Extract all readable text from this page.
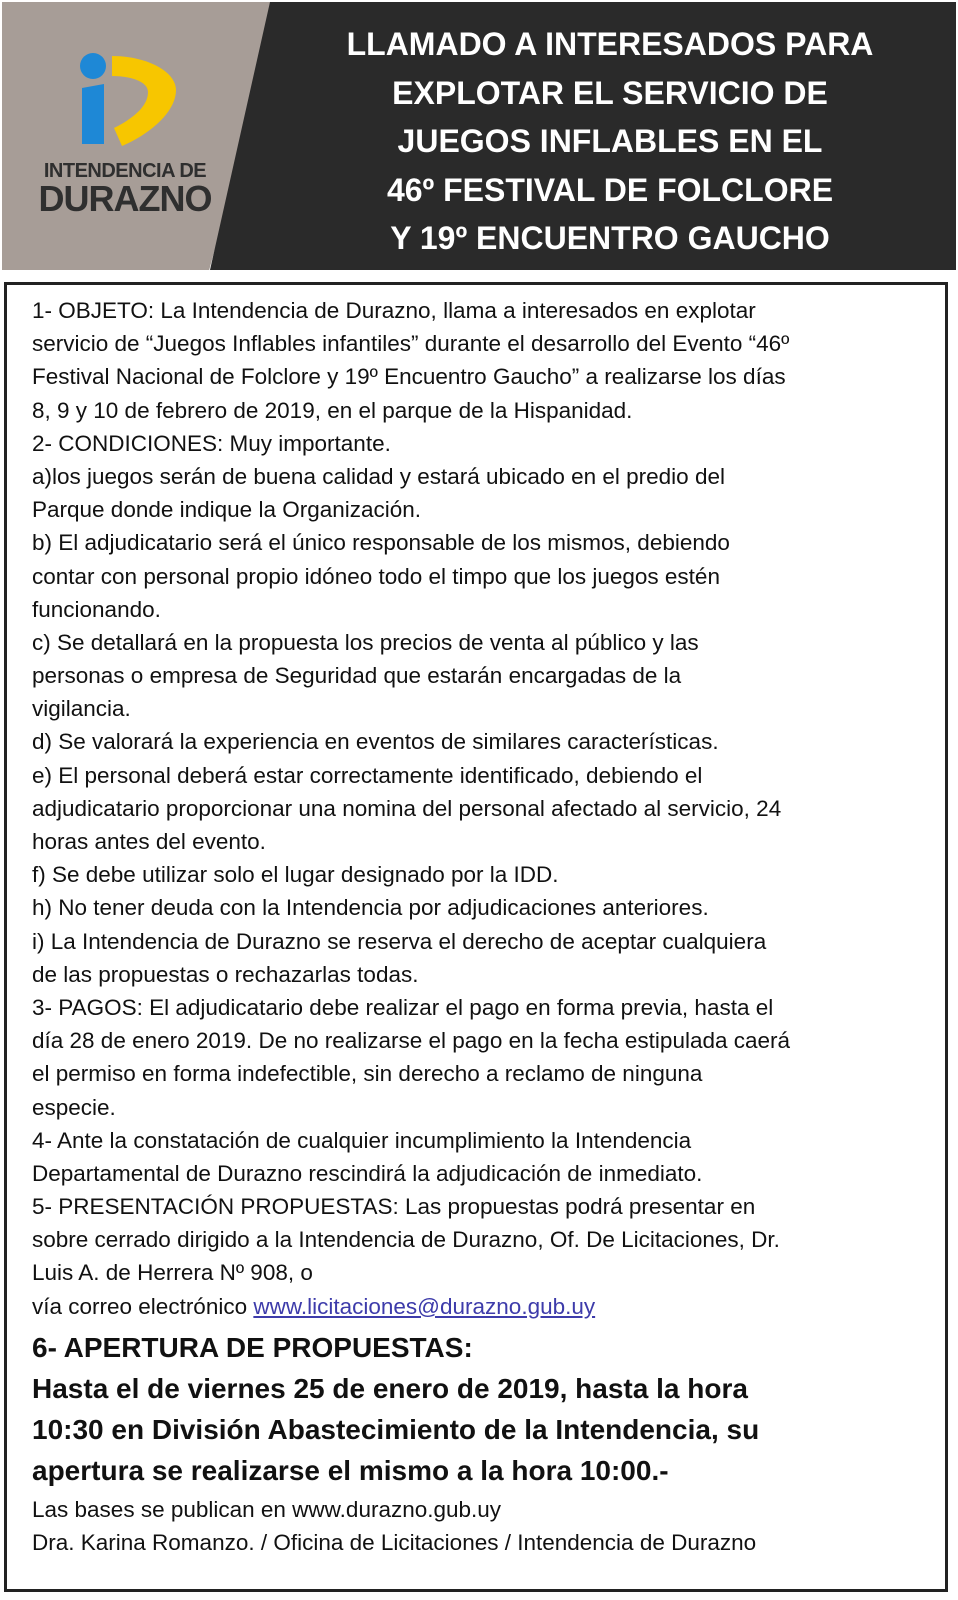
INTENDENCIA DE
DURAZNO
LLAMADO A INTERESADOS PARA
EXPLOTAR EL SERVICIO DE
JUEGOS INFLABLES EN EL
46º FESTIVAL DE FOLCLORE
Y 19º ENCUENTRO GAUCHO
1- OBJETO: La Intendencia de Durazno, llama a interesados en explotar
servicio de “Juegos Inflables infantiles” durante el desarrollo del Evento “46º
Festival Nacional de Folclore y 19º Encuentro Gaucho” a realizarse los días
8, 9 y 10 de febrero de 2019, en el parque de la Hispanidad.
2- CONDICIONES: Muy importante.
a)los juegos serán de buena calidad y estará ubicado en el predio del
Parque donde indique la Organización.
b) El adjudicatario será el único responsable de los mismos, debiendo
contar con personal propio idóneo todo el timpo que los juegos estén
funcionando.
c) Se detallará en la propuesta los precios de venta al público y las
personas o empresa de Seguridad que estarán encargadas de la
vigilancia.
d) Se valorará la experiencia en eventos de similares características.
e) El personal deberá estar correctamente identificado, debiendo el
adjudicatario proporcionar una nomina del personal afectado al servicio, 24
horas antes del evento.
f) Se debe utilizar solo el lugar designado por la IDD.
h) No tener deuda con la Intendencia por adjudicaciones anteriores.
i) La Intendencia de Durazno se reserva el derecho de aceptar cualquiera
de las propuestas o rechazarlas todas.
3- PAGOS: El adjudicatario debe realizar el pago en forma previa, hasta el
día 28 de enero 2019. De no realizarse el pago en la fecha estipulada caerá
el permiso en forma indefectible, sin derecho a reclamo de ninguna
especie.
4- Ante la constatación de cualquier incumplimiento la Intendencia
Departamental de Durazno rescindirá la adjudicación de inmediato.
5- PRESENTACIÓN PROPUESTAS: Las propuestas podrá presentar en
sobre cerrado dirigido a la Intendencia de Durazno, Of. De Licitaciones, Dr.
Luis A. de Herrera Nº 908, o
vía correo electrónico www.licitaciones@durazno.gub.uy
6- APERTURA DE PROPUESTAS:
Hasta el de viernes 25 de enero de 2019, hasta la hora
10:30 en División Abastecimiento de la Intendencia, su
apertura se realizarse el mismo a la hora 10:00.-
Las bases se publican en www.durazno.gub.uy
Dra. Karina Romanzo. / Oficina de Licitaciones / Intendencia de Durazno
